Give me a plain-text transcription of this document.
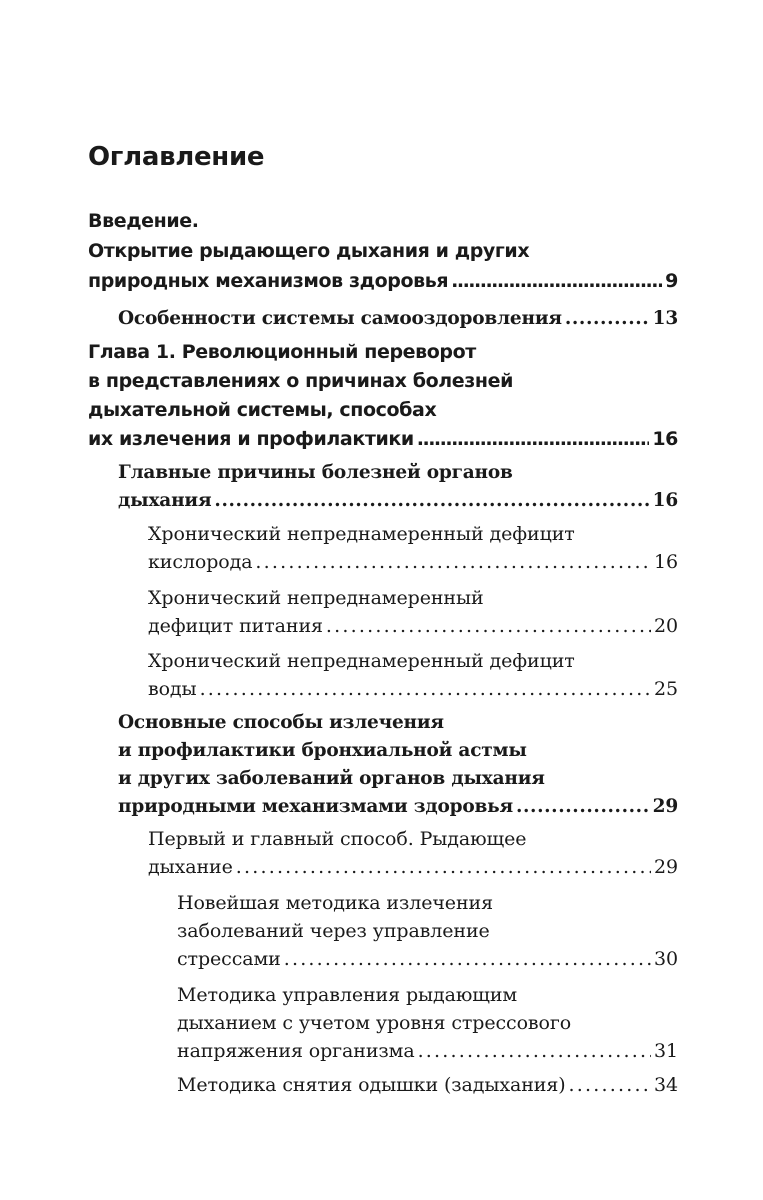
Оглавление
Введение.
Открытие рыдающего дыхания и других
природных механизмов здоровья .....	9
Особенности системы самооздоровления .....	13
Глава 1. Революционный переворот
в представлениях о причинах болезней
дыхательной системы, способах
их излечения и профилактики .....	16
Главные причины болезней органов
дыхания .....	16
Хронический непреднамеренный дефицит
кислорода .....	16
Хронический непреднамеренный
дефицит питания .....	20
Хронический непреднамеренный дефицит
воды .....	25
Основные способы излечения
и профилактики бронхиальной астмы
и других заболеваний органов дыхания
природными механизмами здоровья .....	29
Первый и главный способ. Рыдающее
дыхание .....	29
Новейшая методика излечения
заболеваний через управление
стрессами .....	30
Методика управления рыдающим
дыханием с учетом уровня стрессового
напряжения организма .....	31
Методика снятия одышки (задыхания) .....	34
